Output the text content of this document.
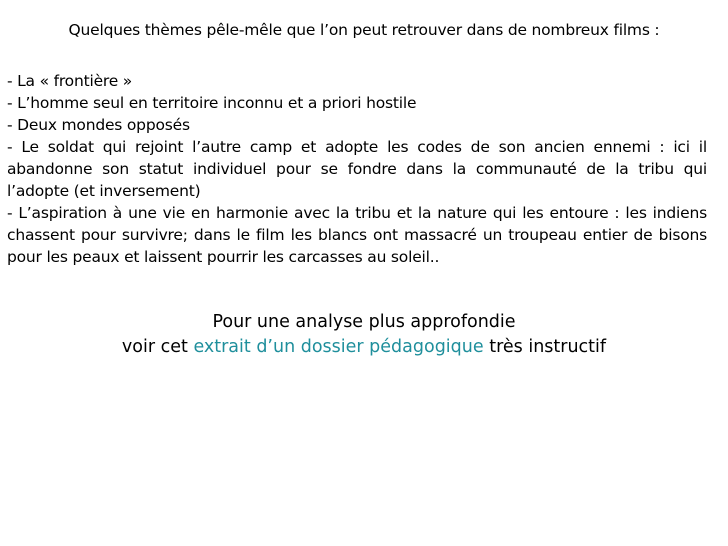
Quelques thèmes pêle-mêle que l’on peut retrouver dans de nombreux films :
- La « frontière »
- L’homme seul en territoire inconnu et a priori hostile
- Deux mondes opposés
- Le soldat qui rejoint l’autre camp et adopte les codes de son ancien ennemi : ici il abandonne son statut individuel pour se fondre dans la communauté de la tribu qui l’adopte (et inversement)
- L’aspiration à une vie en harmonie avec la tribu et la nature qui les entoure : les indiens chassent pour survivre; dans le film les blancs ont massacré un troupeau entier de bisons pour les peaux et laissent pourrir les carcasses au soleil..
Pour une analyse plus approfondie
voir cet extrait d’un dossier pédagogique très instructif
